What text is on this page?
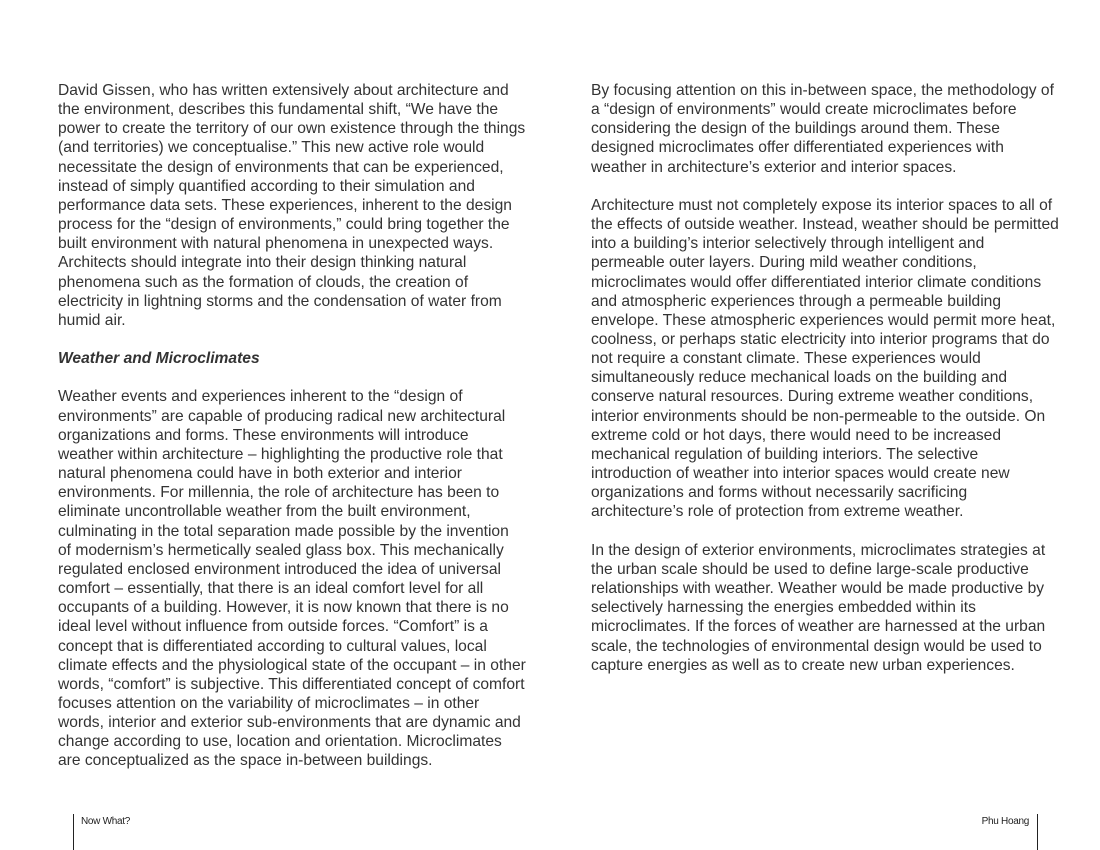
David Gissen, who has written extensively about architecture and the environment, describes this fundamental shift, “We have the power to create the territory of our own existence through the things (and territories) we conceptualise.” This new active role would necessitate the design of environments that can be experienced, instead of simply quantified according to their simulation and performance data sets. These experiences, inherent to the design process for the “design of environments,” could bring together the built environment with natural phenomena in unexpected ways. Architects should integrate into their design thinking natural phenomena such as the formation of clouds, the creation of electricity in lightning storms and the condensation of water from humid air.

Weather and Microclimates

Weather events and experiences inherent to the “design of environments” are capable of producing radical new architectural organizations and forms. These environments will introduce weather within architecture – highlighting the productive role that natural phenomena could have in both exterior and interior environments. For millennia, the role of architecture has been to eliminate uncontrollable weather from the built environment, culminating in the total separation made possible by the invention of modernism’s hermetically sealed glass box. This mechanically regulated enclosed environment introduced the idea of universal comfort – essentially, that there is an ideal comfort level for all occupants of a building. However, it is now known that there is no ideal level without influence from outside forces. “Comfort” is a concept that is differentiated according to cultural values, local climate effects and the physiological state of the occupant – in other words, “comfort” is subjective. This differentiated concept of comfort focuses attention on the variability of microclimates – in other words, interior and exterior sub-environments that are dynamic and change according to use, location and orientation. Microclimates are conceptualized as the space in-between buildings.

By focusing attention on this in-between space, the methodology of a “design of environments” would create microclimates before considering the design of the buildings around them. These designed microclimates offer differentiated experiences with weather in architecture’s exterior and interior spaces.

Architecture must not completely expose its interior spaces to all of the effects of outside weather. Instead, weather should be permitted into a building’s interior selectively through intelligent and permeable outer layers. During mild weather conditions, microclimates would offer differentiated interior climate conditions and atmospheric experiences through a permeable building envelope. These atmospheric experiences would permit more heat, coolness, or perhaps static electricity into interior programs that do not require a constant climate. These experiences would simultaneously reduce mechanical loads on the building and conserve natural resources. During extreme weather conditions, interior environments should be non-permeable to the outside. On extreme cold or hot days, there would need to be increased mechanical regulation of building interiors. The selective introduction of weather into interior spaces would create new organizations and forms without necessarily sacrificing architecture’s role of protection from extreme weather.

In the design of exterior environments, microclimates strategies at the urban scale should be used to define large-scale productive relationships with weather. Weather would be made productive by selectively harnessing the energies embedded within its microclimates. If the forces of weather are harnessed at the urban scale, the technologies of environmental design would be used to capture energies as well as to create new urban experiences.

Now What?	Phu Hoang
